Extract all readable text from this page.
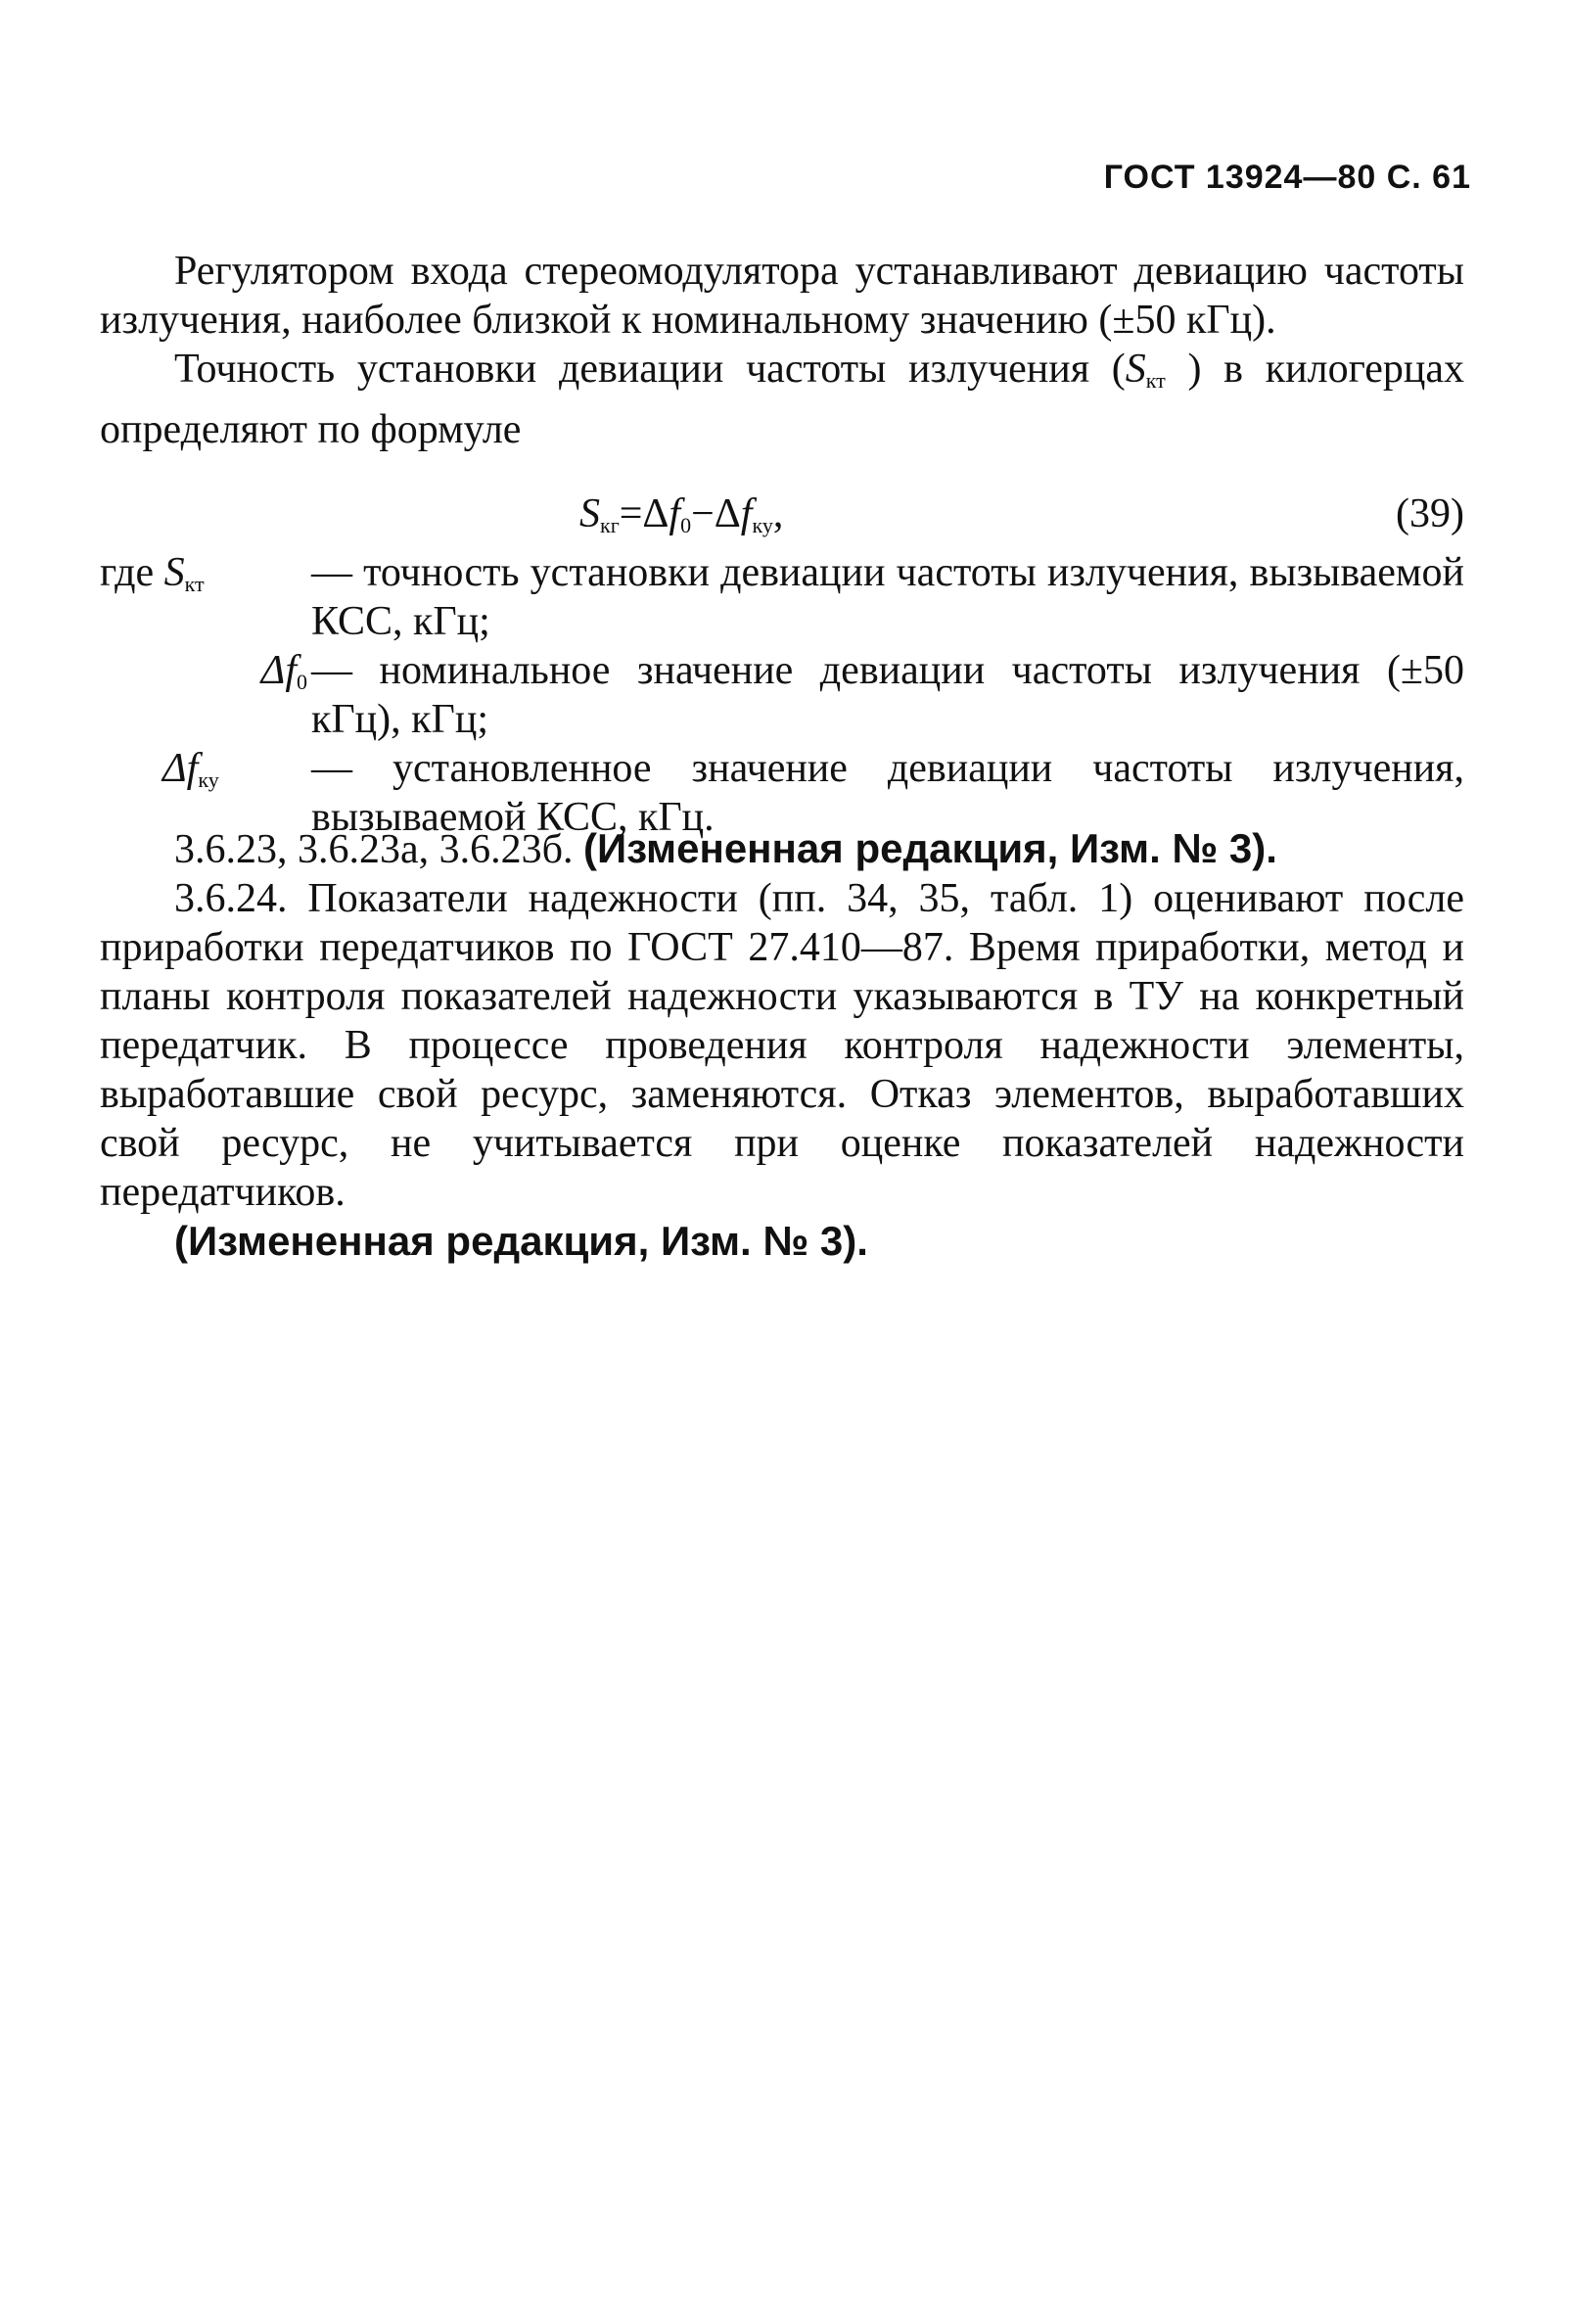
ГОСТ 13924—80 С. 61

Регулятором входа стереомодулятора устанавливают девиацию частоты излучения, наиболее близкой к номинальному значению (±50 кГц).

Точность установки девиации частоты излучения ($S_{кт}$ ) в килогерцах определяют по формуле

$S_{кг}=\Delta f_0-\Delta f_{ку}$,	(39)
где $S_{кт}$	— точность установки девиации частоты излучения, вызываемой КСС, кГц;
$\Delta f_0$ — номинальное значение девиации частоты излучения (±50 кГц), кГц;
$\Delta f_{ку}$	— установленное значение девиации частоты излучения, вызываемой КСС, кГц.

3.6.23, 3.6.23а, 3.6.23б. (Измененная редакция, Изм. № 3).

3.6.24. Показатели надежности (пп. 34, 35, табл. 1) оценивают после приработки передатчиков по ГОСТ 27.410—87. Время приработки, метод и планы контроля показателей надежности указываются в ТУ на конкретный передатчик. В процессе проведения контроля надежности элементы, выработавшие свой ресурс, заменяются. Отказ элементов, выработавших свой ресурс, не учитывается при оценке показателей надежности передатчиков.

(Измененная редакция, Изм. № 3).
